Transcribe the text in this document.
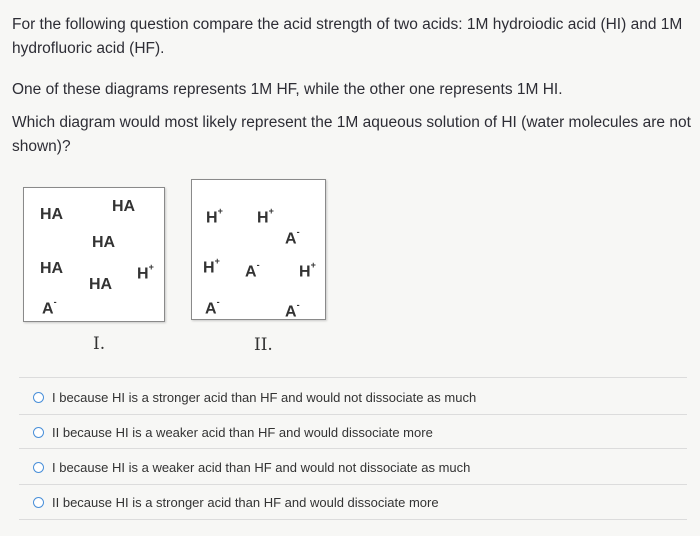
For the following question compare the acid strength of two acids: 1M hydroiodic acid (HI) and 1M hydrofluoric acid (HF).
One of these diagrams represents 1M HF, while the other one represents 1M HI.
Which diagram would most likely represent the 1M aqueous solution of HI (water molecules are not shown)?
HA	HA
HA
HA	H+
HA
A-
I.
H+ H+
A-
H+
A- H+
A-
A-
II.
I because HI is a stronger acid than HF and would not dissociate as much
II because HI is a weaker acid than HF and would dissociate more
I because HI is a weaker acid than HF and would not dissociate as much
II because HI is a stronger acid than HF and would dissociate more
